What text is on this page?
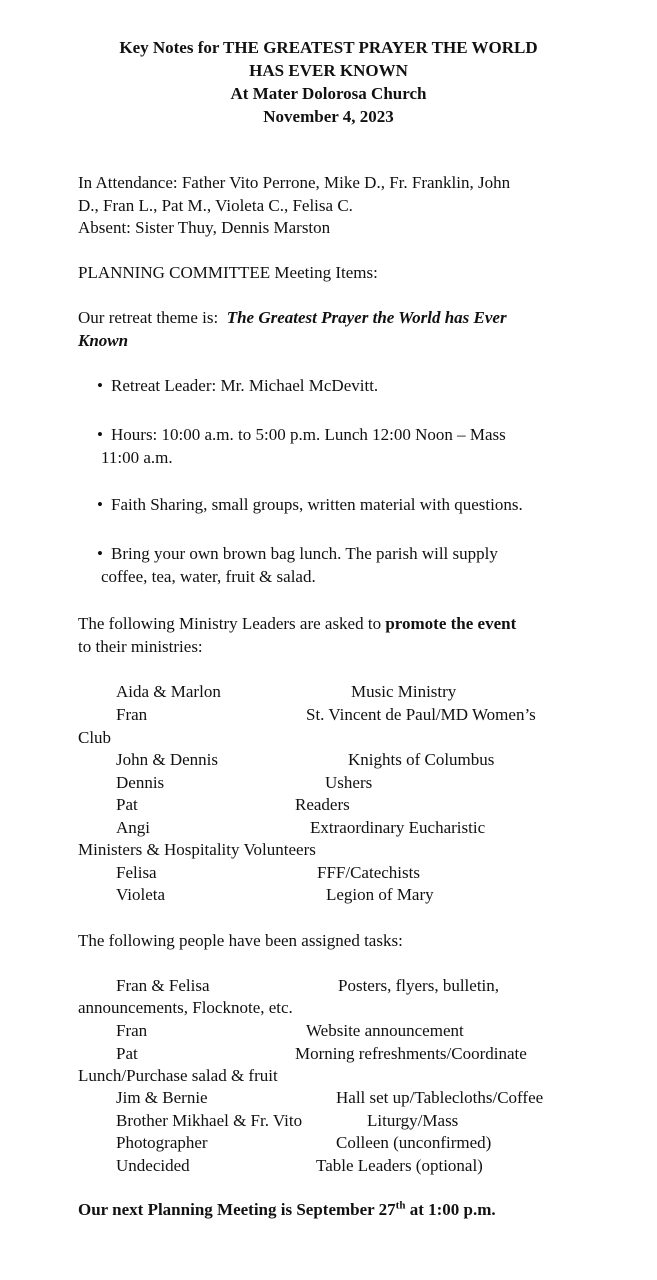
Key Notes for THE GREATEST PRAYER THE WORLD
HAS EVER KNOWN
At Mater Dolorosa Church
November 4, 2023
In Attendance: Father Vito Perrone, Mike D., Fr. Franklin, John
D., Fran L., Pat M., Violeta C., Felisa C.
Absent: Sister Thuy, Dennis Marston
PLANNING COMMITTEE Meeting Items:
Our retreat theme is:  The Greatest Prayer the World has Ever
Known
• Retreat Leader: Mr. Michael McDevitt.
• Hours: 10:00 a.m. to 5:00 p.m. Lunch 12:00 Noon – Mass
11:00 a.m.
• Faith Sharing, small groups, written material with questions.
• Bring your own brown bag lunch. The parish will supply
coffee, tea, water, fruit & salad.
The following Ministry Leaders are asked to promote the event
to their ministries:
Aida & Marlon	Music Ministry
Fran	St. Vincent de Paul/MD Women’s
Club
John & Dennis	Knights of Columbus
Dennis	Ushers
Pat	Readers
Angi	Extraordinary Eucharistic
Ministers & Hospitality Volunteers
Felisa	FFF/Catechists
Violeta	Legion of Mary
The following people have been assigned tasks:
Fran & Felisa	Posters, flyers, bulletin,
announcements, Flocknote, etc.
Fran	Website announcement
Pat	Morning refreshments/Coordinate
Lunch/Purchase salad & fruit
Jim & Bernie	Hall set up/Tablecloths/Coffee
Brother Mikhael & Fr. Vito	Liturgy/Mass
Photographer	Colleen (unconfirmed)
Undecided	Table Leaders (optional)
Our next Planning Meeting is September 27th at 1:00 p.m.
